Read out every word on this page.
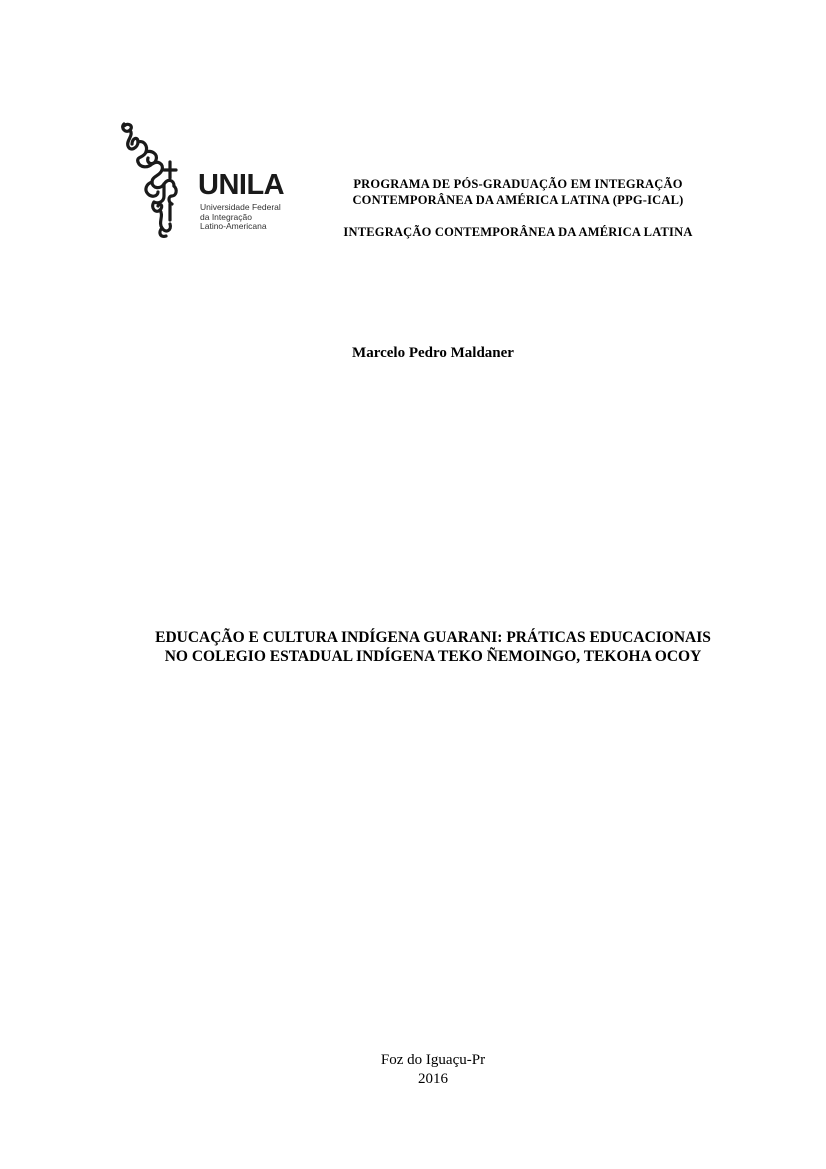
UNILA
Universidade Federal
da Integração
Latino-Americana
PROGRAMA DE PÓS-GRADUAÇÃO EM INTEGRAÇÃO
CONTEMPORÂNEA DA AMÉRICA LATINA (PPG-ICAL)
INTEGRAÇÃO CONTEMPORÂNEA DA AMÉRICA LATINA
Marcelo Pedro Maldaner
EDUCAÇÃO E CULTURA INDÍGENA GUARANI: PRÁTICAS EDUCACIONAIS
NO COLEGIO ESTADUAL INDÍGENA TEKO ÑEMOINGO, TEKOHA OCOY
Foz do Iguaçu-Pr
2016
